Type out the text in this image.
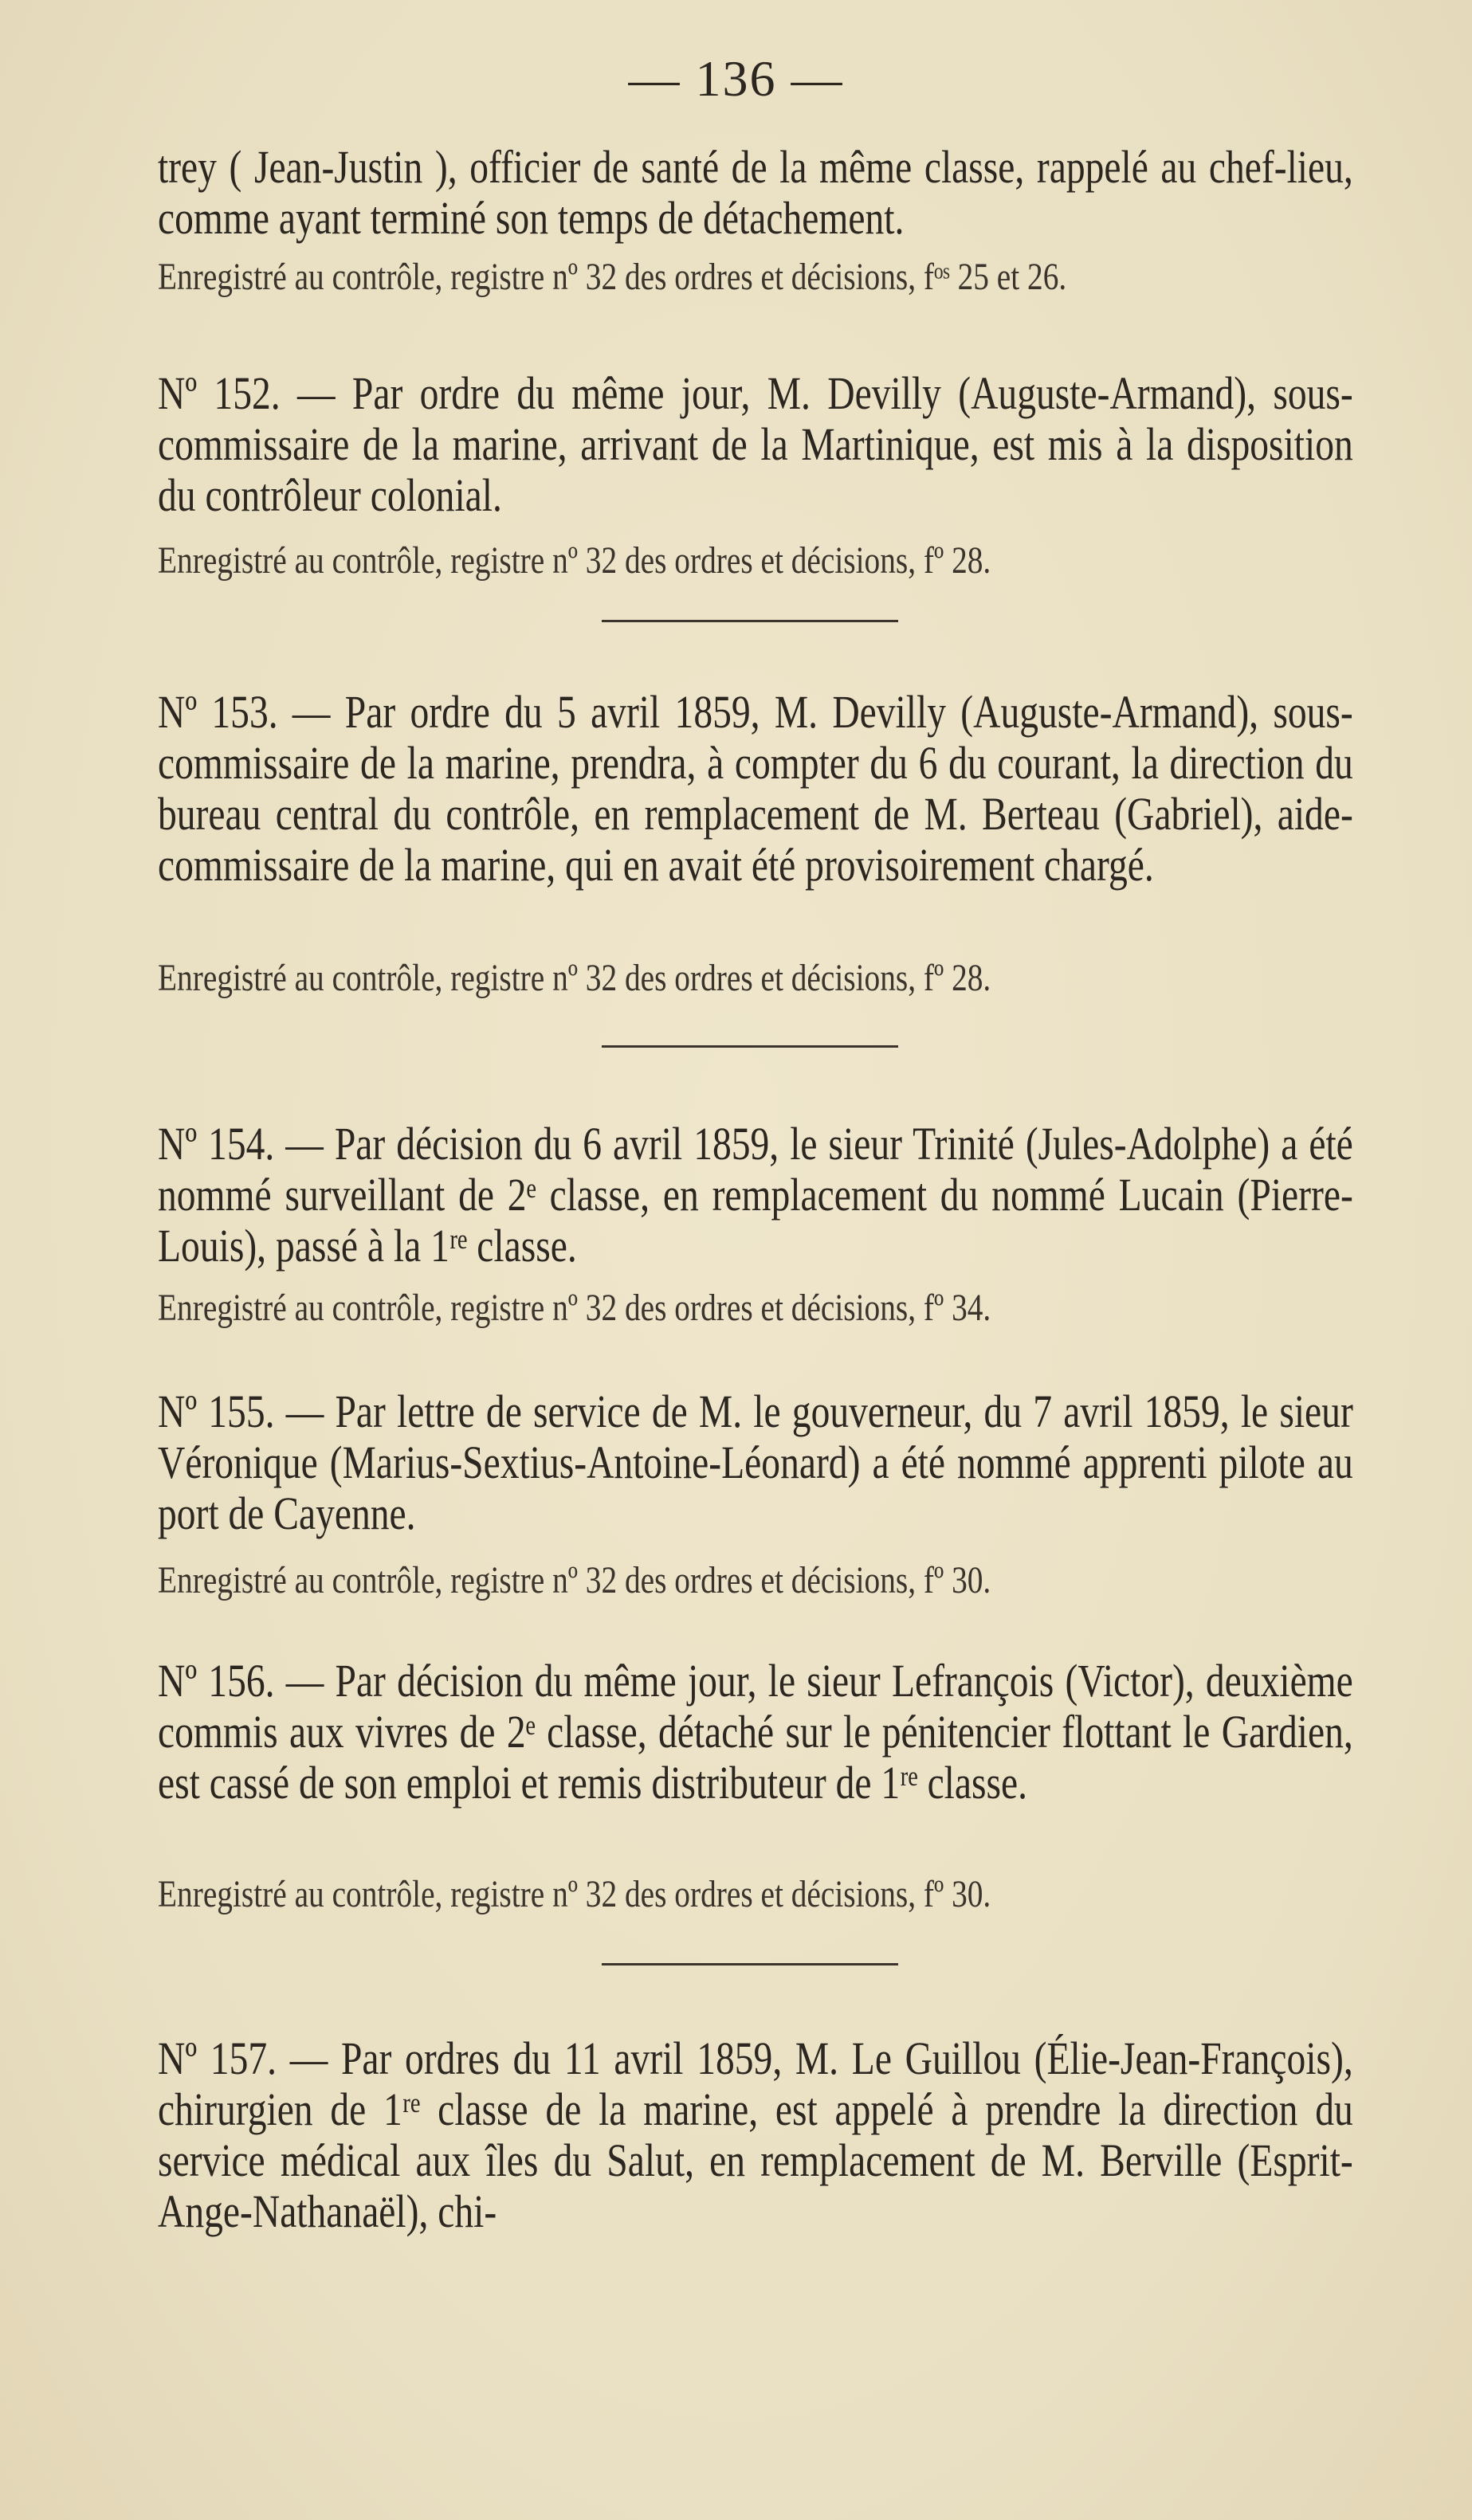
— 136 —

trey ( Jean-Justin ), officier de santé de la même classe, rappelé au chef-lieu, comme ayant terminé son temps de détachement.

Enregistré au contrôle, registre nº 32 des ordres et décisions, fᵒˢ 25 et 26.

Nº 152. — Par ordre du même jour, M. Devilly (Auguste-Armand), sous-commissaire de la marine, arrivant de la Martinique, est mis à la disposition du contrôleur colonial.

Enregistré au contrôle, registre nº 32 des ordres et décisions, fº 28.

Nº 153. — Par ordre du 5 avril 1859, M. Devilly (Auguste-Armand), sous-commissaire de la marine, prendra, à compter du 6 du courant, la direction du bureau central du contrôle, en remplacement de M. Berteau (Gabriel), aide-commissaire de la marine, qui en avait été provisoirement chargé.

Enregistré au contrôle, registre nº 32 des ordres et décisions, fº 28.

Nº 154. — Par décision du 6 avril 1859, le sieur Trinité (Jules-Adolphe) a été nommé surveillant de 2ᵉ classe, en remplacement du nommé Lucain (Pierre-Louis), passé à la 1ʳᵉ classe.

Enregistré au contrôle, registre nº 32 des ordres et décisions, fº 34.

Nº 155. — Par lettre de service de M. le gouverneur, du 7 avril 1859, le sieur Véronique (Marius-Sextius-Antoine-Léonard) a été nommé apprenti pilote au port de Cayenne.

Enregistré au contrôle, registre nº 32 des ordres et décisions, fº 30.

Nº 156. — Par décision du même jour, le sieur Lefrançois (Victor), deuxième commis aux vivres de 2ᵉ classe, détaché sur le pénitencier flottant le Gardien, est cassé de son emploi et remis distributeur de 1ʳᵉ classe.

Enregistré au contrôle, registre nº 32 des ordres et décisions, fº 30.

Nº 157. — Par ordres du 11 avril 1859, M. Le Guillou (Élie-Jean-François), chirurgien de 1ʳᵉ classe de la marine, est appelé à prendre la direction du service médical aux îles du Salut, en remplacement de M. Berville (Esprit-Ange-Nathanaël), chi-
